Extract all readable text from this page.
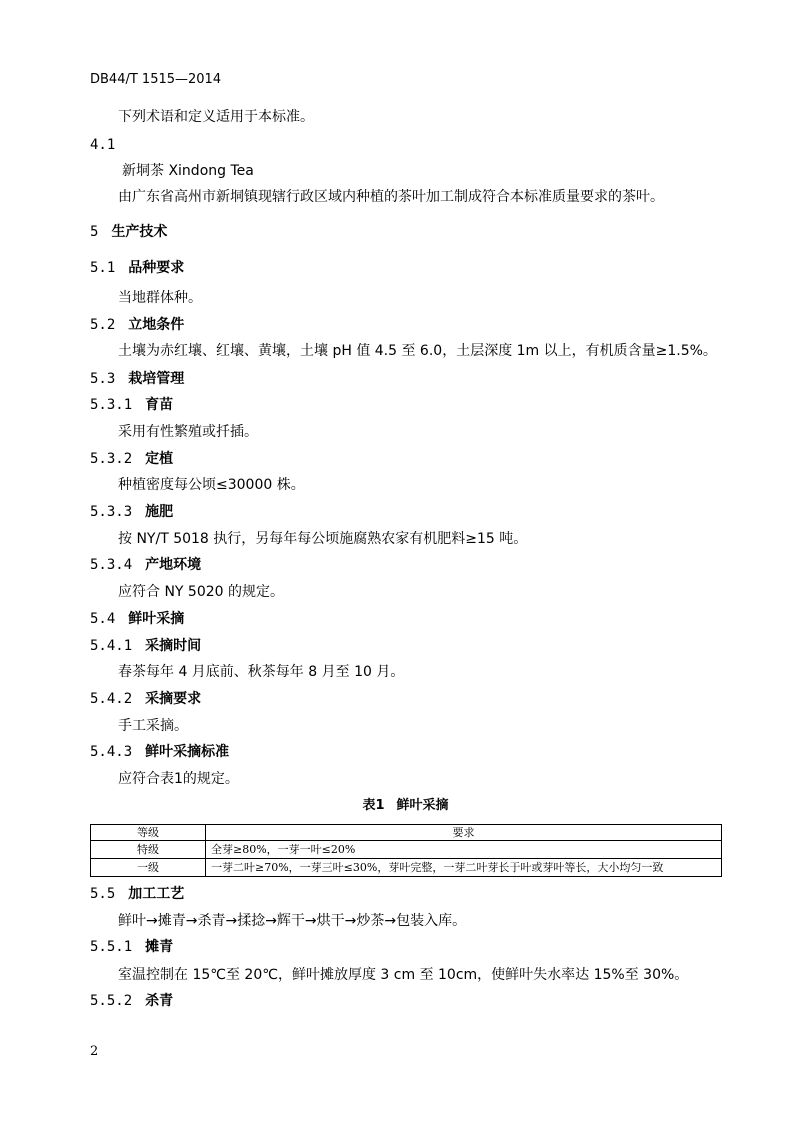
DB44/T 1515—2014
下列术语和定义适用于本标准。
4.1
新垌茶 Xindong Tea
由广东省高州市新垌镇现辖行政区域内种植的茶叶加工制成符合本标准质量要求的茶叶。
5 生产技术
5.1 品种要求
当地群体种。
5.2 立地条件
土壤为赤红壤、红壤、黄壤，土壤 pH 值 4.5 至 6.0，土层深度 1m 以上，有机质含量≥1.5%。
5.3 栽培管理
5.3.1 育苗
采用有性繁殖或扦插。
5.3.2 定植
种植密度每公顷≤30000 株。
5.3.3 施肥
按 NY/T 5018 执行，另每年每公顷施腐熟农家有机肥料≥15 吨。
5.3.4 产地环境
应符合 NY 5020 的规定。
5.4 鲜叶采摘
5.4.1 采摘时间
春茶每年 4 月底前、秋茶每年 8 月至 10 月。
5.4.2 采摘要求
手工采摘。
5.4.3 鲜叶采摘标准
应符合表1的规定。
表1 鲜叶采摘
等级	要求
特级	全芽≥80%，一芽一叶≤20%
一级	一芽二叶≥70%，一芽三叶≤30%，芽叶完整，一芽二叶芽长于叶或芽叶等长，大小均匀一致
5.5 加工工艺
鲜叶→摊青→杀青→揉捻→辉干→烘干→炒茶→包装入库。
5.5.1 摊青
室温控制在 15℃至 20℃，鲜叶摊放厚度 3 cm 至 10cm，使鲜叶失水率达 15%至 30%。
5.5.2 杀青
2
